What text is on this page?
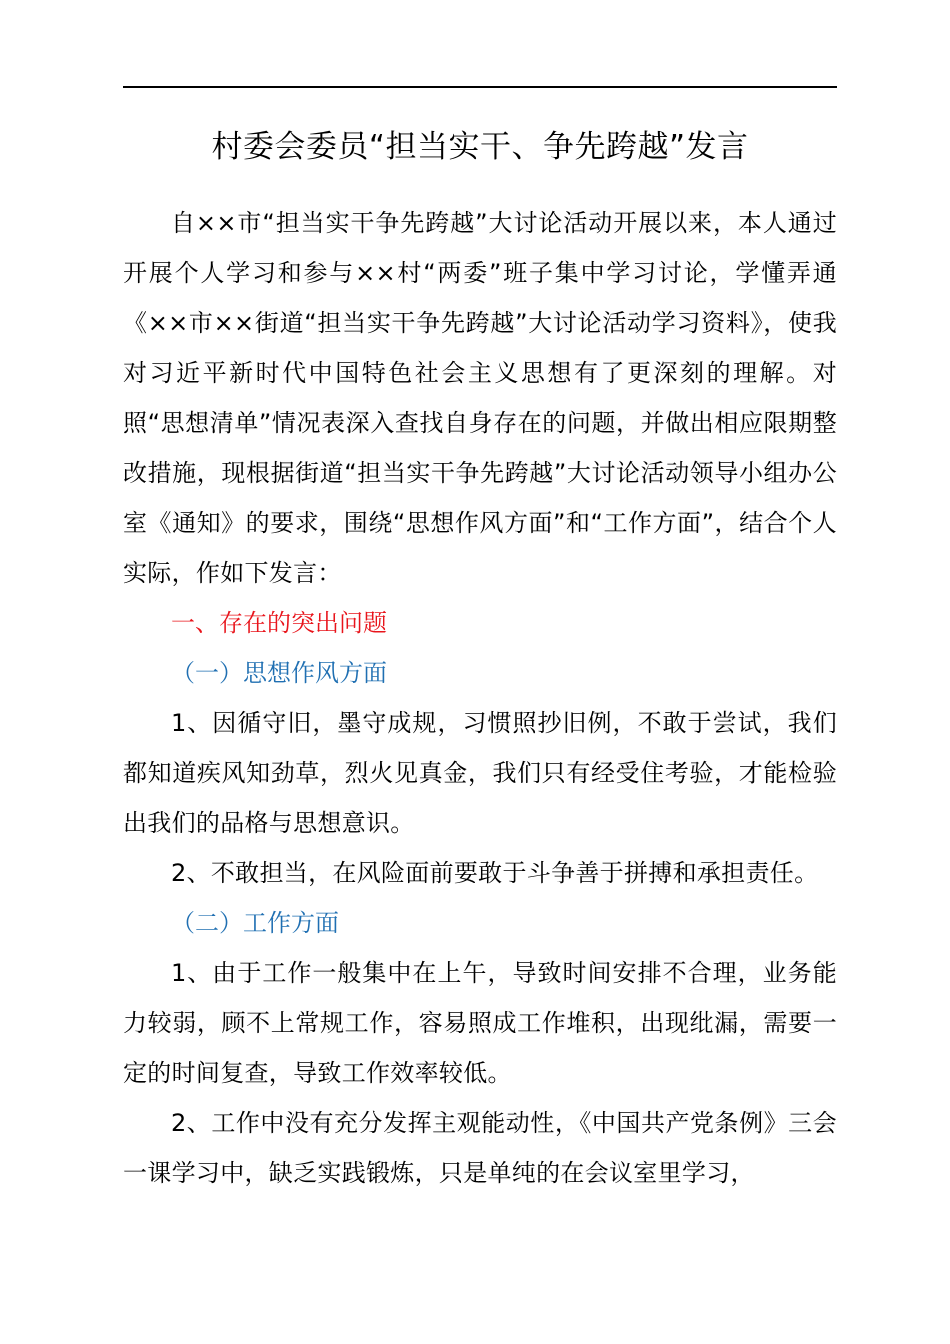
村委会委员“担当实干、争先跨越”发言

自××市“担当实干争先跨越”大讨论活动开展以来，本人通过开展个人学习和参与××村“两委”班子集中学习讨论，学懂弄通《××市××街道“担当实干争先跨越”大讨论活动学习资料》，使我对习近平新时代中国特色社会主义思想有了更深刻的理解。对照“思想清单”情况表深入查找自身存在的问题，并做出相应限期整改措施，现根据街道“担当实干争先跨越”大讨论活动领导小组办公室《通知》的要求，围绕“思想作风方面”和“工作方面”，结合个人实际，作如下发言：

一、存在的突出问题

（一）思想作风方面

1、因循守旧，墨守成规，习惯照抄旧例，不敢于尝试，我们都知道疾风知劲草，烈火见真金，我们只有经受住考验，才能检验出我们的品格与思想意识。

2、不敢担当，在风险面前要敢于斗争善于拼搏和承担责任。

（二）工作方面

1、由于工作一般集中在上午，导致时间安排不合理，业务能力较弱，顾不上常规工作，容易照成工作堆积，出现纰漏，需要一定的时间复查，导致工作效率较低。

2、工作中没有充分发挥主观能动性，《中国共产党条例》三会一课学习中，缺乏实践锻炼，只是单纯的在会议室里学习，
